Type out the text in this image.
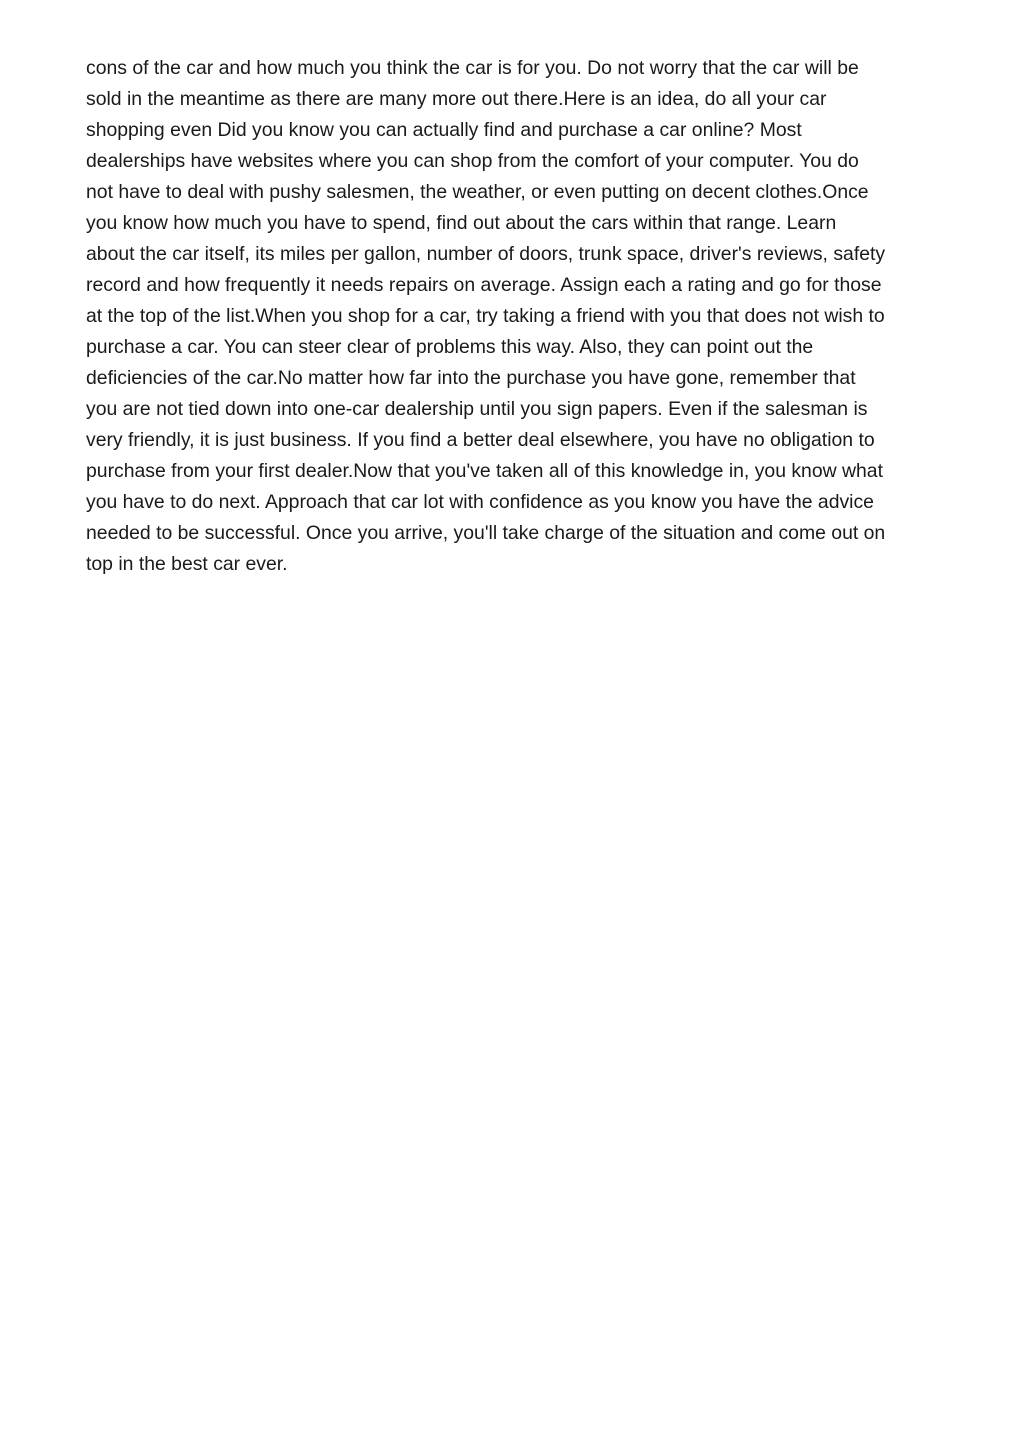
cons of the car and how much you think the car is for you. Do not worry that the car will be
sold in the meantime as there are many more out there.Here is an idea, do all your car
shopping even Did you know you can actually find and purchase a car online? Most
dealerships have websites where you can shop from the comfort of your computer. You do
not have to deal with pushy salesmen, the weather, or even putting on decent clothes.Once
you know how much you have to spend, find out about the cars within that range. Learn
about the car itself, its miles per gallon, number of doors, trunk space, driver's reviews, safety
record and how frequently it needs repairs on average. Assign each a rating and go for those
at the top of the list.When you shop for a car, try taking a friend with you that does not wish to
purchase a car. You can steer clear of problems this way. Also, they can point out the
deficiencies of the car.No matter how far into the purchase you have gone, remember that
you are not tied down into one-car dealership until you sign papers. Even if the salesman is
very friendly, it is just business. If you find a better deal elsewhere, you have no obligation to
purchase from your first dealer.Now that you've taken all of this knowledge in, you know what
you have to do next. Approach that car lot with confidence as you know you have the advice
needed to be successful. Once you arrive, you'll take charge of the situation and come out on
top in the best car ever.
